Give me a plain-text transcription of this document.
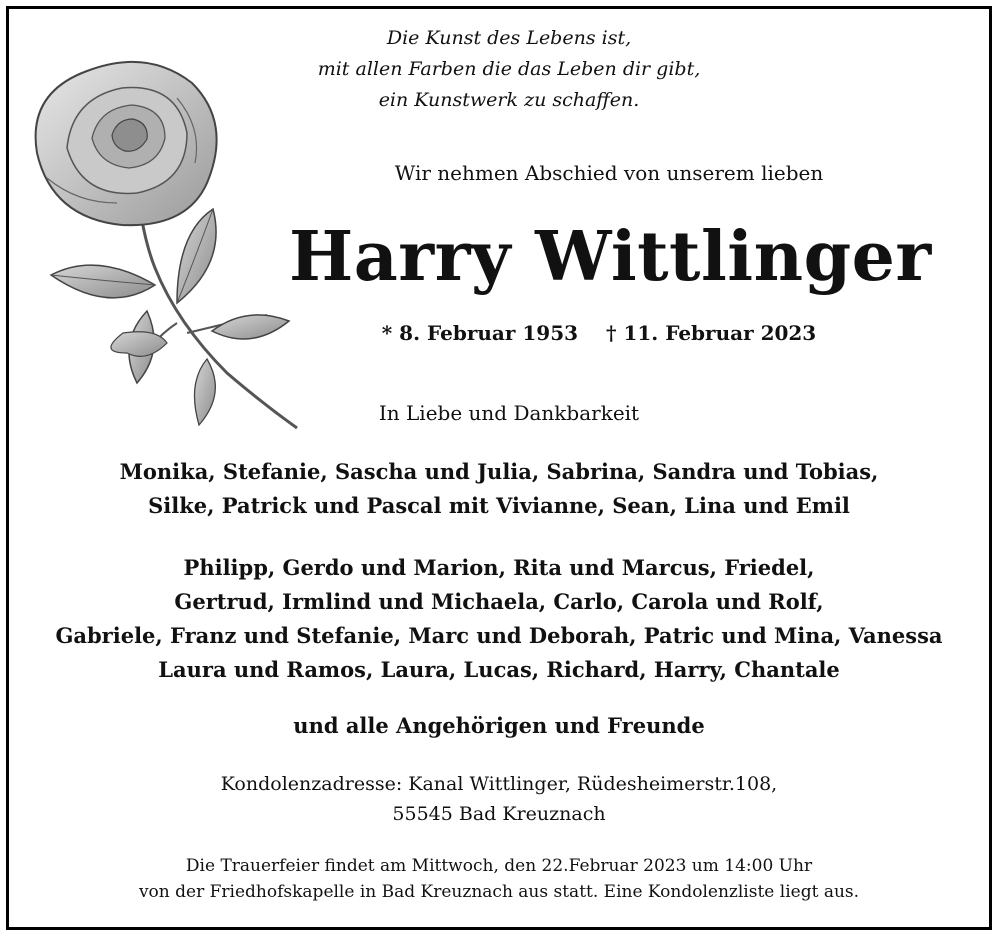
Die Kunst des Lebens ist,
mit allen Farben die das Leben dir gibt,
ein Kunstwerk zu schaffen.
Wir nehmen Abschied von unserem lieben
Harry Wittlinger
* 8. Februar 1953 † 11. Februar 2023
In Liebe und Dankbarkeit
Monika, Stefanie, Sascha und Julia, Sabrina, Sandra und Tobias,
Silke, Patrick und Pascal mit Vivianne, Sean, Lina und Emil
Philipp, Gerdo und Marion, Rita und Marcus, Friedel,
Gertrud, Irmlind und Michaela, Carlo, Carola und Rolf,
Gabriele, Franz und Stefanie, Marc und Deborah, Patric und Mina, Vanessa
Laura und Ramos, Laura, Lucas, Richard, Harry, Chantale
und alle Angehörigen und Freunde
Kondolenzadresse: Kanal Wittlinger, Rüdesheimerstr.108,
55545 Bad Kreuznach
Die Trauerfeier findet am Mittwoch, den 22.Februar 2023 um 14:00 Uhr
von der Friedhofskapelle in Bad Kreuznach aus statt. Eine Kondolenzliste liegt aus.
